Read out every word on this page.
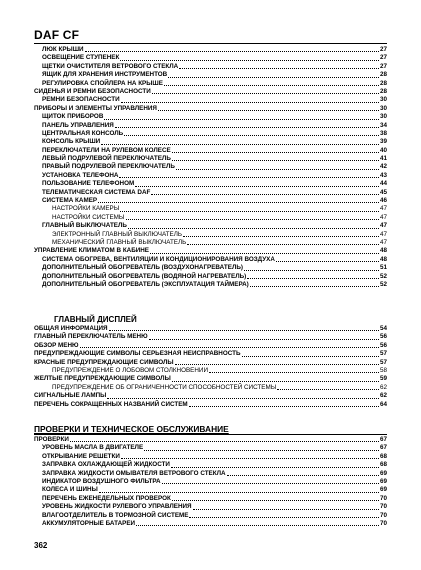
DAF CF
ЛЮК КРЫШИ	27
ОСВЕЩЕНИЕ СТУПЕНЕК	27
ЩЕТКИ ОЧИСТИТЕЛЯ ВЕТРОВОГО СТЕКЛА	27
ЯЩИК ДЛЯ ХРАНЕНИЯ ИНСТРУМЕНТОВ	28
РЕГУЛИРОВКА СПОЙЛЕРА НА КРЫШЕ	28
СИДЕНЬЯ И РЕМНИ БЕЗОПАСНОСТИ	28
РЕМНИ БЕЗОПАСНОСТИ	30
ПРИБОРЫ И ЭЛЕМЕНТЫ УПРАВЛЕНИЯ	30
ЩИТОК ПРИБОРОВ	30
ПАНЕЛЬ УПРАВЛЕНИЯ	34
ЦЕНТРАЛЬНАЯ КОНСОЛЬ	38
КОНСОЛЬ КРЫШИ	39
ПЕРЕКЛЮЧАТЕЛИ НА РУЛЕВОМ КОЛЕСЕ	40
ЛЕВЫЙ ПОДРУЛЕВОЙ ПЕРЕКЛЮЧАТЕЛЬ	41
ПРАВЫЙ ПОДРУЛЕВОЙ ПЕРЕКЛЮЧАТЕЛЬ	42
УСТАНОВКА ТЕЛЕФОНА	43
ПОЛЬЗОВАНИЕ ТЕЛЕФОНОМ	44
ТЕЛЕМАТИЧЕСКАЯ СИСТЕМА DAF	45
СИСТЕМА КАМЕР	46
НАСТРОЙКИ КАМЕРЫ	47
НАСТРОЙКИ СИСТЕМЫ	47
ГЛАВНЫЙ ВЫКЛЮЧАТЕЛЬ	47
ЭЛЕКТРОННЫЙ ГЛАВНЫЙ ВЫКЛЮЧАТЕЛЬ	47
МЕХАНИЧЕСКИЙ ГЛАВНЫЙ ВЫКЛЮЧАТЕЛЬ	47
УПРАВЛЕНИЕ КЛИМАТОМ В КАБИНЕ	48
СИСТЕМА ОБОГРЕВА, ВЕНТИЛЯЦИИ И КОНДИЦИОНИРОВАНИЯ ВОЗДУХА	48
ДОПОЛНИТЕЛЬНЫЙ ОБОГРЕВАТЕЛЬ (ВОЗДУХОНАГРЕВАТЕЛЬ)	51
ДОПОЛНИТЕЛЬНЫЙ ОБОГРЕВАТЕЛЬ (ВОДЯНОЙ НАГРЕВАТЕЛЬ)	52
ДОПОЛНИТЕЛЬНЫЙ ОБОГРЕВАТЕЛЬ (ЭКСПЛУАТАЦИЯ ТАЙМЕРА)	52
ГЛАВНЫЙ ДИСПЛЕЙ
ОБЩАЯ ИНФОРМАЦИЯ	54
ГЛАВНЫЙ ПЕРЕКЛЮЧАТЕЛЬ МЕНЮ	56
ОБЗОР МЕНЮ	56
ПРЕДУПРЕЖДАЮЩИЕ СИМВОЛЫ СЕРЬЕЗНАЯ НЕИСПРАВНОСТЬ	57
КРАСНЫЕ ПРЕДУПРЕЖДАЮЩИЕ СИМВОЛЫ	57
ПРЕДУПРЕЖДЕНИЕ О ЛОБОВОМ СТОЛКНОВЕНИИ	58
ЖЕЛТЫЕ ПРЕДУПРЕЖДАЮЩИЕ СИМВОЛЫ	59
ПРЕДУПРЕЖДЕНИЕ ОБ ОГРАНИЧЕННОСТИ СПОСОБНОСТЕЙ СИСТЕМЫ	62
СИГНАЛЬНЫЕ ЛАМПЫ	62
ПЕРЕЧЕНЬ СОКРАЩЕННЫХ НАЗВАНИЙ СИСТЕМ	64
ПРОВЕРКИ И ТЕХНИЧЕСКОЕ ОБСЛУЖИВАНИЕ
ПРОВЕРКИ	67
УРОВЕНЬ МАСЛА В ДВИГАТЕЛЕ	67
ОТКРЫВАНИЕ РЕШЕТКИ	68
ЗАПРАВКА ОХЛАЖДАЮЩЕЙ ЖИДКОСТИ	68
ЗАПРАВКА ЖИДКОСТИ ОМЫВАТЕЛЯ ВЕТРОВОГО СТЕКЛА	69
ИНДИКАТОР ВОЗДУШНОГО ФИЛЬТРА	69
КОЛЕСА И ШИНЫ	69
ПЕРЕЧЕНЬ ЕЖЕНЕДЕЛЬНЫХ ПРОВЕРОК	70
УРОВЕНЬ ЖИДКОСТИ РУЛЕВОГО УПРАВЛЕНИЯ	70
ВЛАГООТДЕЛИТЕЛЬ В ТОРМОЗНОЙ СИСТЕМЕ	70
АККУМУЛЯТОРНЫЕ БАТАРЕИ	70
362
